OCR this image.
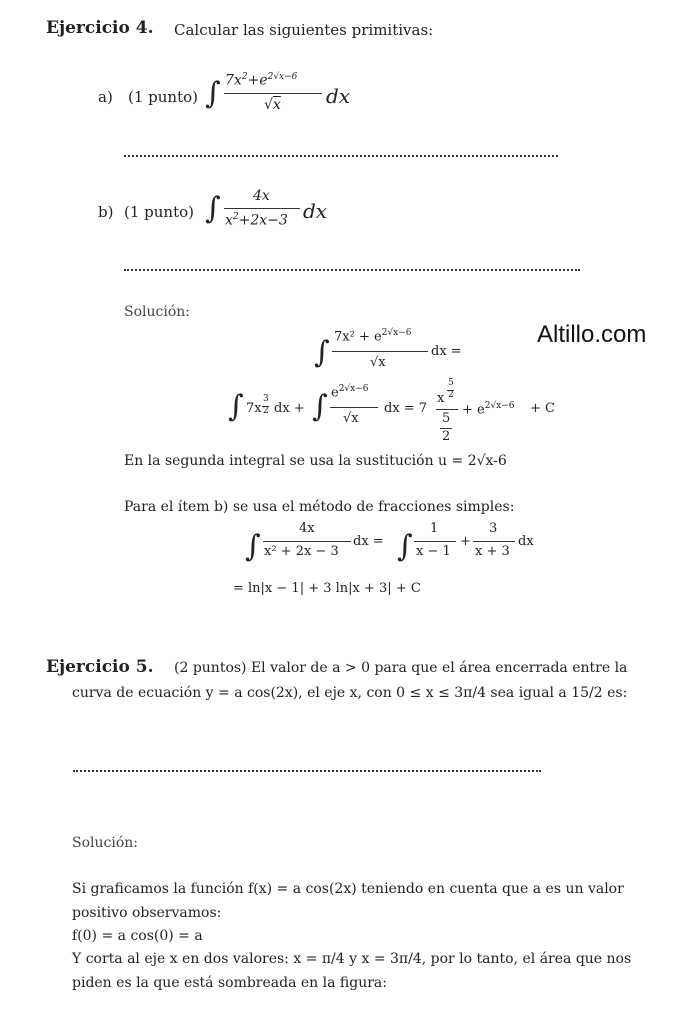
Ejercicio 4. Calcular las siguientes primitivas:
a) (1 punto) ∫ $7x^2+e^{2√x-6}$
√x dx
b) (1 punto) ∫ 4x
$x^2+2x-3$ dx
Altillo.com
Solución:
∫ $7x^2 + e^{2√x-6}$
√x
dx =
∫ 7x
3
2 dx + ∫ $e^{2√x-6}$
√x
dx = 7
x
5
2
5
2
+ $e^{2√x-6} + C$
En la segunda integral se usa la sustitución u = 2√x-6
Para el ítem b) se usa el método de fracciones simples:
∫
4x
x² + 2x − 3
dx = ∫
1
x − 1
+
3
x + 3
dx
= ln|x − 1| + 3 ln|x + 3| + C
Ejercicio 5. (2 puntos) El valor de a > 0 para que el área encerrada entre la
curva de ecuación y = a cos(2x), el eje x, con 0 ≤ x ≤ 3π/4 sea igual a 15/2 es:
Solución:
Si graficamos la función f(x) = a cos(2x) teniendo en cuenta que a es un valor
positivo observamos:
f(0) = a cos(0) = a
Y corta al eje x en dos valores: x = π/4 y x = 3π/4, por lo tanto, el área que nos
piden es la que está sombreada en la figura:
